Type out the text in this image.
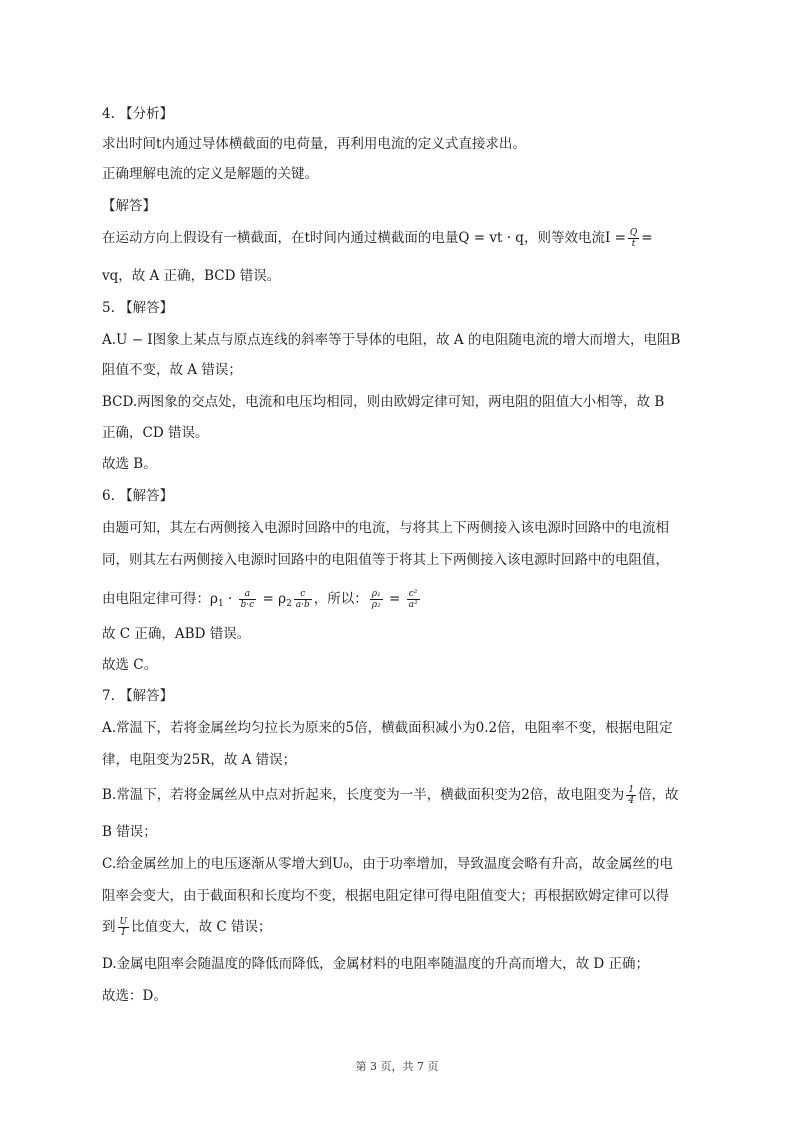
4. 【分析】
求出时间t内通过导体横截面的电荷量，再利用电流的定义式直接求出。
正确理解电流的定义是解题的关键。
【解答】
在运动方向上假设有一横截面，在t时间内通过横截面的电量Q = vt · q，则等效电流$I = \frac{Q}{t}$ =
vq，故 A 正确，BCD 错误。
5. 【解答】
A.U − I图象上某点与原点连线的斜率等于导体的电阻，故 A 的电阻随电流的增大而增大，电阻B
阻值不变，故 A 错误；
BCD.两图象的交点处，电流和电压均相同，则由欧姆定律可知，两电阻的阻值大小相等，故 B
正确，CD 错误。
故选 B。
6. 【解答】
由题可知，其左右两侧接入电源时回路中的电流，与将其上下两侧接入该电源时回路中的电流相
同，则其左右两侧接入电源时回路中的电阻值等于将其上下两侧接入该电源时回路中的电阻值，
由电阻定律可得：$\rho_1 \cdot \frac{a}{b\cdot c} = \rho_2 \frac{c}{a\cdot b}$ ，所以： $\frac{\text{ρ₁}}{\text{ρ₂}} = \frac{\text{c²}}{\text{a²}}$
故 C 正确，ABD 错误。
故选 C。
7. 【解答】
A.常温下，若将金属丝均匀拉长为原来的5倍，横截面积减小为0.2倍，电阻率不变，根据电阻定
律，电阻变为25R，故 A 错误；
B.常温下，若将金属丝从中点对折起来，长度变为一半，横截面积变为2倍，故电阻变为 $\frac{1}{4}$ 倍，故
B 错误；
C.给金属丝加上的电压逐渐从零增大到U₀，由于功率增加，导致温度会略有升高，故金属丝的电
阻率会变大，由于截面积和长度均不变，根据电阻定律可得电阻值变大；再根据欧姆定律可以得
到 $\frac{U}{I}$ 比值变大，故 C 错误；
D.金属电阻率会随温度的降低而降低，金属材料的电阻率随温度的升高而增大，故 D 正确；
故选：D。
第 3 页，共 7 页
